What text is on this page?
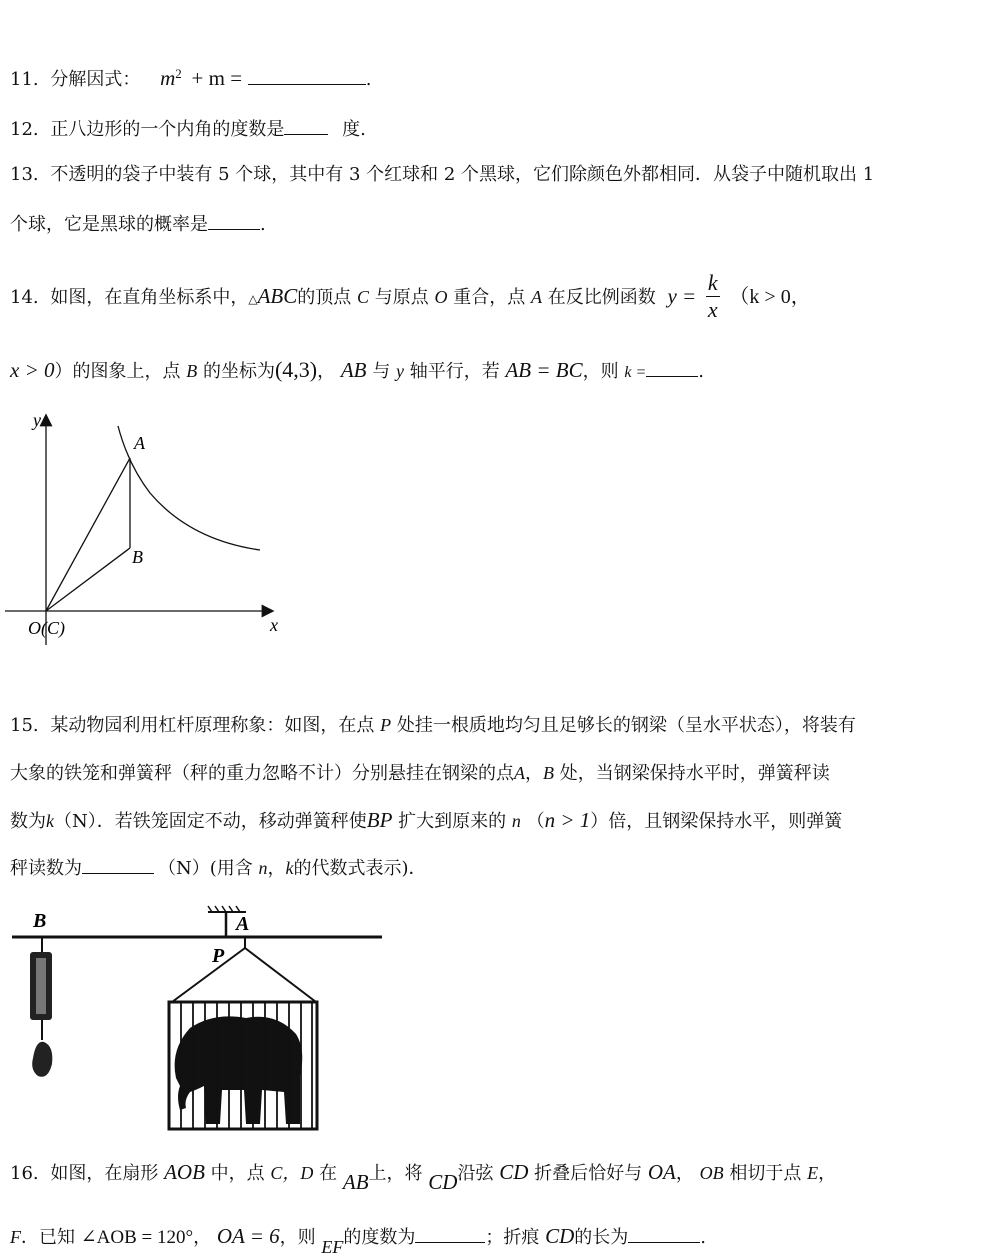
11. 分解因式： $m^2 + m$ =	.
12. 正八边形的一个内角的度数是	度.
13. 不透明的袋子中装有 5 个球，其中有 3 个红球和 2 个黑球，它们除颜色外都相同．从袋子中随机取出 1
个球，它是黑球的概率是	.
14. 如图，在直角坐标系中，△ABC的顶点 C 与原点 O 重合，点 A 在反比例函数 $y = \frac{k}{x} (k > 0$，
x > 0）的图象上，点 B 的坐标为(4,3)， AB 与 y 轴平行，若 AB = BC，则 k =	.
y
x
A
B
O(C)
15. 某动物园利用杠杆原理称象：如图，在点 P 处挂一根质地均匀且足够长的钢梁（呈水平状态），将装有
大象的铁笼和弹簧秤（秤的重力忽略不计）分别悬挂在钢梁的点A，B 处，当钢梁保持水平时，弹簧秤读
数为k（N）．若铁笼固定不动，移动弹簧秤使BP 扩大到原来的 n （n > 1）倍，且钢梁保持水平，则弹簧
秤读数为	（N）(用含 n，k的代数式表示)．
B	A
P
16. 如图，在扇形 AOB 中，点 C，D 在 AB上，将 CD沿弦 CD 折叠后恰好与 OA， OB 相切于点 E，
F．已知 ∠AOB = 120°， OA = 6，则 EF的度数为	；折痕 CD的长为	.
